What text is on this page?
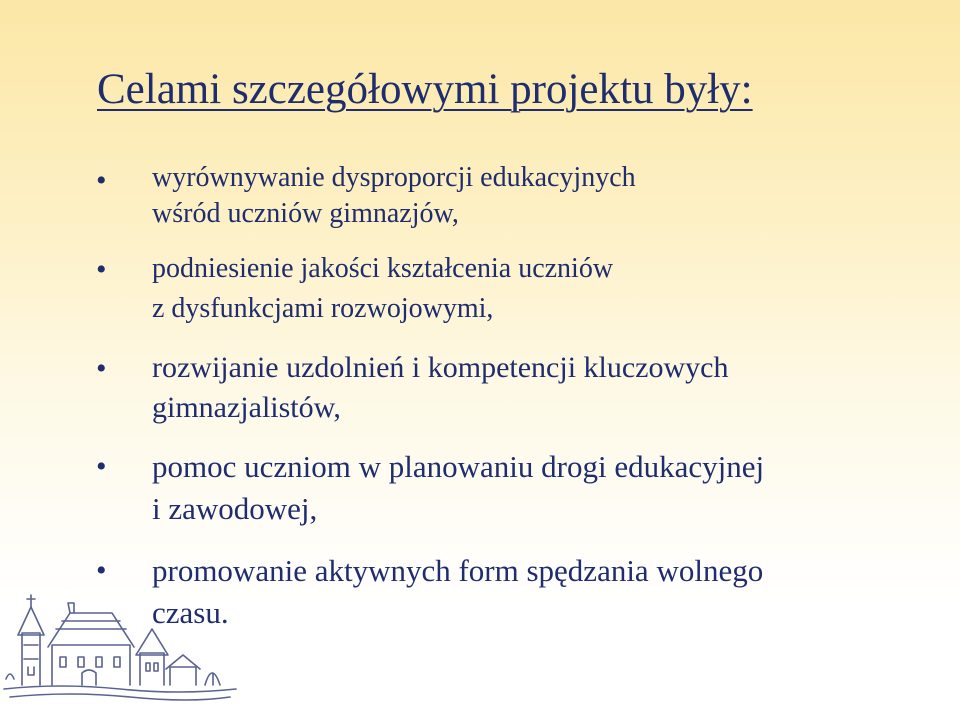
Celami szczegółowymi projektu były:
• wyrównywanie dysproporcji edukacyjnych
wśród uczniów gimnazjów,
• podniesienie jakości kształcenia uczniów
z dysfunkcjami rozwojowymi,
• rozwijanie uzdolnień i kompetencji kluczowych
gimnazjalistów,
• pomoc uczniom w planowaniu drogi edukacyjnej
i zawodowej,
• promowanie aktywnych form spędzania wolnego
czasu.
